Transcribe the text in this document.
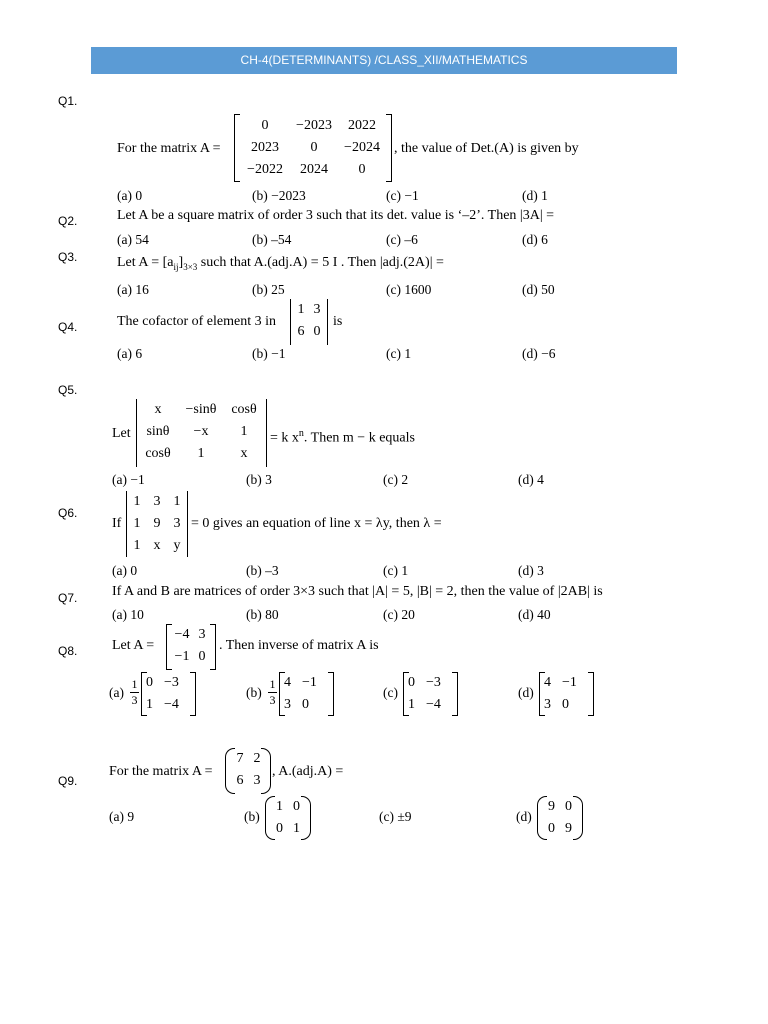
CH-4(DETERMINANTS) /CLASS_XII/MATHEMATICS
Q1.
For the matrix A =
0	−2023	2022
2023	0	−2024
−2022	2024	0
, the value of Det.(A) is given by
(a) 0	(b) −2023	(c) −1	(d) 1
Q2.	Let A be a square matrix of order 3 such that its det. value is ‘–2’. Then |3A| =
(a) 54	(b) –54	(c) –6	(d) 6
Q3.	Let $A = [a_{ij}]_{3\times 3}$ such that A.(adj.A) = 5 I . Then |adj.(2A)| =
(a) 16	(b) 25	(c) 1600	(d) 50
Q4.	The cofactor of element 3 in
1 3
6 0
is
(a) 6	(b) −1	(c) 1	(d) −6
Q5.
Let
x	−sinθ	cosθ
sinθ	−x	1
cosθ	1	x
= k $x^n$. Then m − k equals
(a) −1	(b) 3	(c) 2	(d) 4
Q6.
If
1 3 1
1 9 3
1 x y
= 0 gives an equation of line x = λy, then λ =
(a) 0	(b) –3	(c) 1	(d) 3
Q7. If A and B are matrices of order 3×3 such that |A| = 5, |B| = 2, then the value of |2AB| is
(a) 10	(b) 80	(c) 20	(d) 40
Q8. Let A =
−4 3
−1 0
. Then inverse of matrix A is
$(a) \frac{1}{3} 0 -3$
1 −4
$(b) \frac{1}{3} 4 -1$
3 0
(c)
0 −3
1 −4
(d)
4 −1
3 0
Q9.
For the matrix A =
7 2
6 3
, A.(adj.A) =
(a) 9	(b)
1 0
0 1
(c) ±9	(d)
9 0
0 9
